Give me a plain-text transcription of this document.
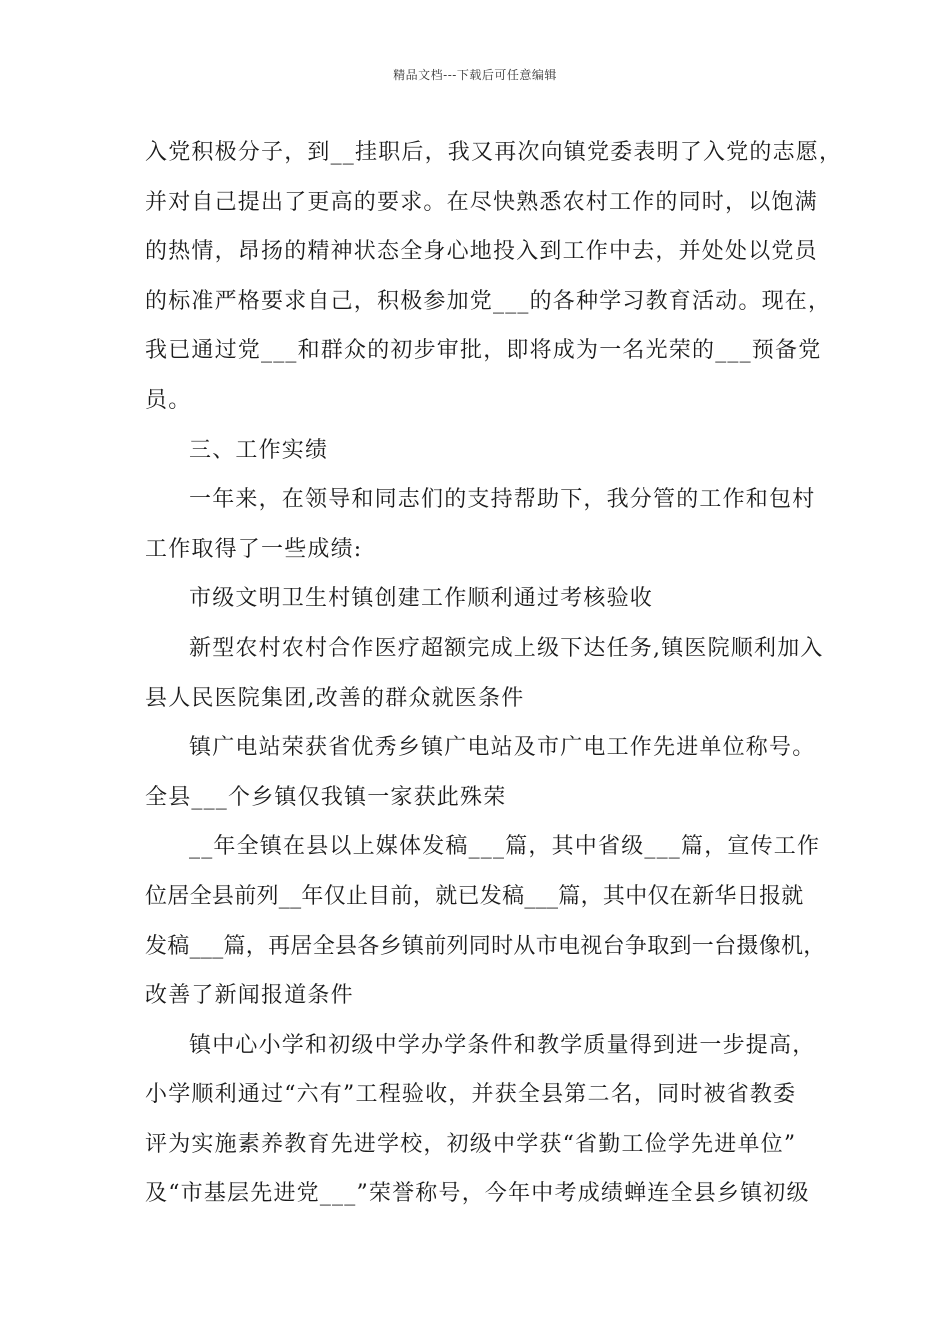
精品文档---下载后可任意编辑
入党积极分子，到__挂职后，我又再次向镇党委表明了入党的志愿，
并对自己提出了更高的要求。在尽快熟悉农村工作的同时，以饱满
的热情，昂扬的精神状态全身心地投入到工作中去，并处处以党员
的标准严格要求自己，积极参加党___的各种学习教育活动。现在，
我已通过党___和群众的初步审批，即将成为一名光荣的___预备党
员。
三、工作实绩
一年来，在领导和同志们的支持帮助下，我分管的工作和包村
工作取得了一些成绩:
市级文明卫生村镇创建工作顺利通过考核验收
新型农村农村合作医疗超额完成上级下达任务,镇医院顺利加入
县人民医院集团,改善的群众就医条件
镇广电站荣获省优秀乡镇广电站及市广电工作先进单位称号。
全县___个乡镇仅我镇一家获此殊荣
__年全镇在县以上媒体发稿___篇，其中省级___篇，宣传工作
位居全县前列__年仅止目前，就已发稿___篇，其中仅在新华日报就
发稿___篇，再居全县各乡镇前列同时从市电视台争取到一台摄像机，
改善了新闻报道条件
镇中心小学和初级中学办学条件和教学质量得到进一步提高，
小学顺利通过“六有”工程验收，并获全县第二名，同时被省教委
评为实施素养教育先进学校，初级中学获“省勤工俭学先进单位”
及“市基层先进党___”荣誉称号，今年中考成绩蝉连全县乡镇初级
